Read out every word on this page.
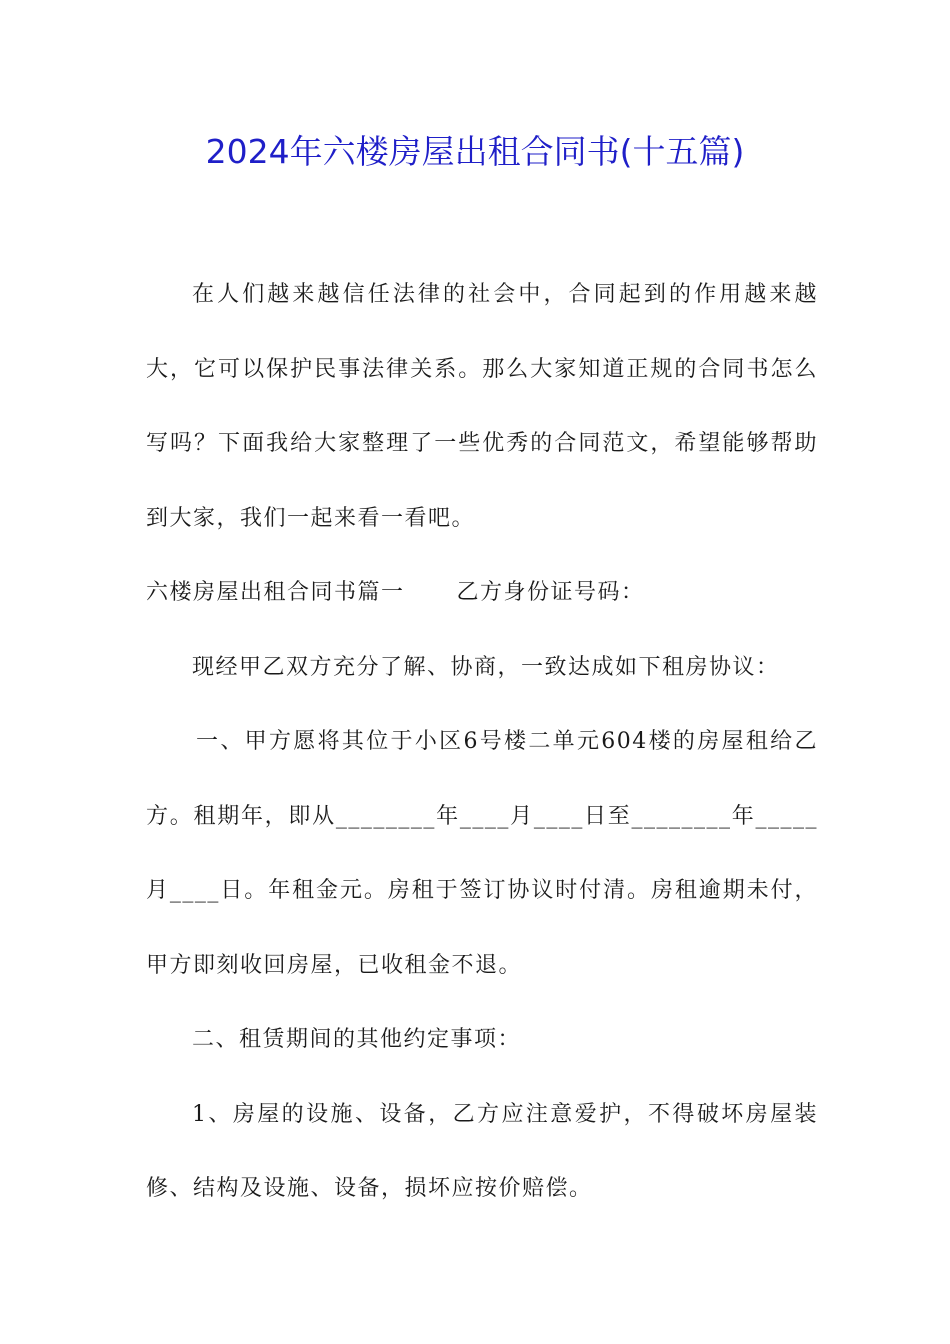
2024年六楼房屋出租合同书(十五篇)

在人们越来越信任法律的社会中，合同起到的作用越来越大，它可以保护民事法律关系。那么大家知道正规的合同书怎么写吗？下面我给大家整理了一些优秀的合同范文，希望能够帮助到大家，我们一起来看一看吧。

六楼房屋出租合同书篇一 乙方身份证号码：

现经甲乙双方充分了解、协商，一致达成如下租房协议：

一、甲方愿将其位于小区6号楼二单元604楼的房屋租给乙方。租期年，即从________年____月____日至________年_____月____日。年租金元。房租于签订协议时付清。房租逾期未付，甲方即刻收回房屋，已收租金不退。

二、租赁期间的其他约定事项：

1、房屋的设施、设备，乙方应注意爱护，不得破坏房屋装修、结构及设施、设备，损坏应按价赔偿。
